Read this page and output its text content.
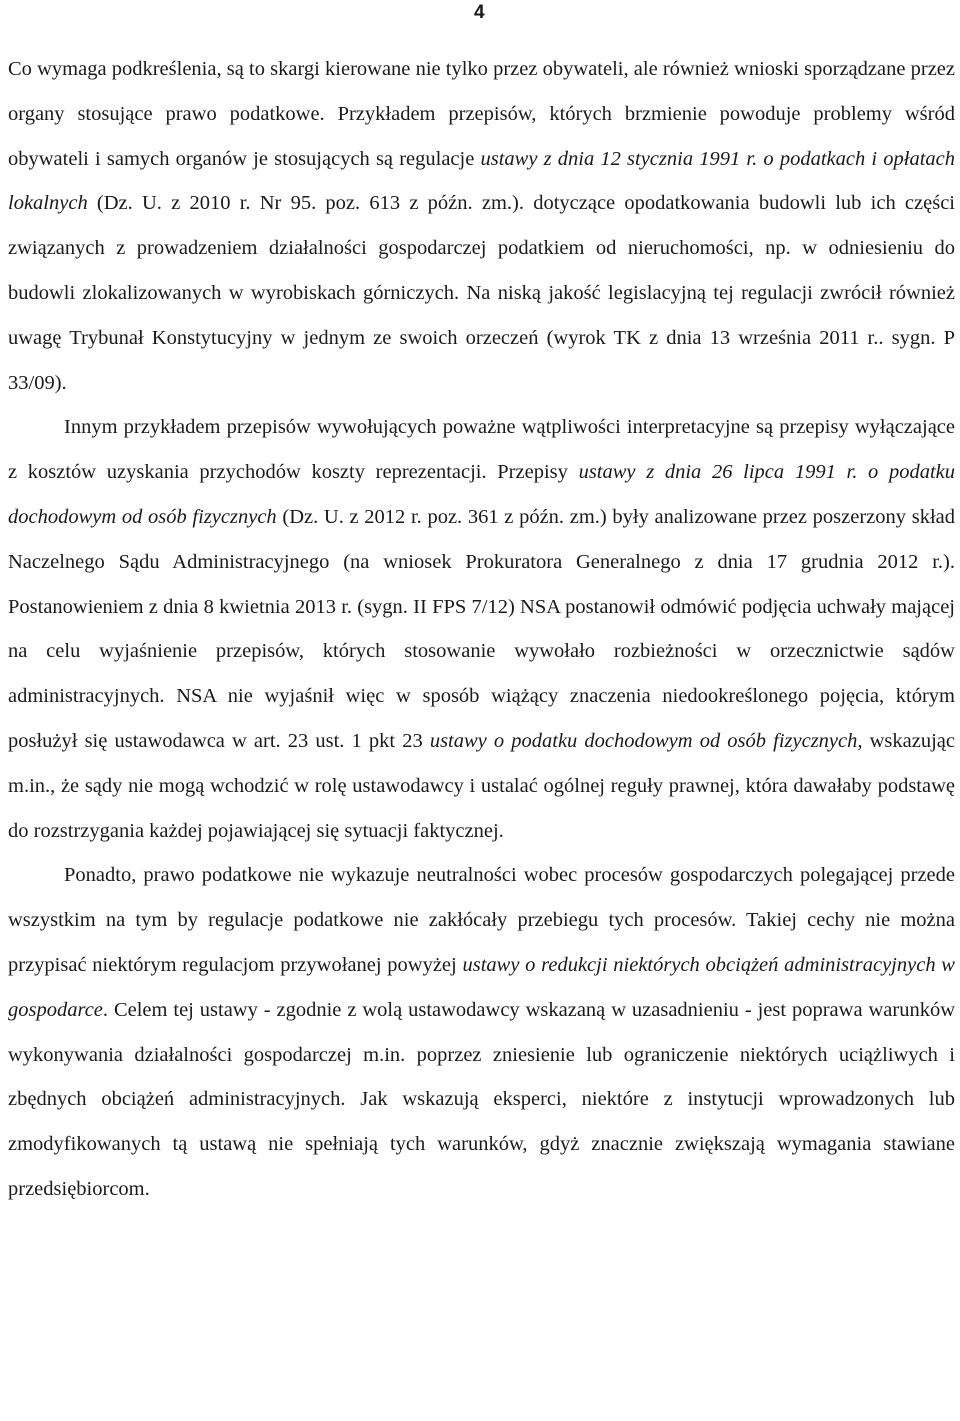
4

Co wymaga podkreślenia, są to skargi kierowane nie tylko przez obywateli, ale również wnioski sporządzane przez organy stosujące prawo podatkowe. Przykładem przepisów, których brzmienie powoduje problemy wśród obywateli i samych organów je stosujących są regulacje ustawy z dnia 12 stycznia 1991 r. o podatkach i opłatach lokalnych (Dz. U. z 2010 r. Nr 95. poz. 613 z późn. zm.). dotyczące opodatkowania budowli lub ich części związanych z prowadzeniem działalności gospodarczej podatkiem od nieruchomości, np. w odniesieniu do budowli zlokalizowanych w wyrobiskach górniczych. Na niską jakość legislacyjną tej regulacji zwrócił również uwagę Trybunał Konstytucyjny w jednym ze swoich orzeczeń (wyrok TK z dnia 13 września 2011 r.. sygn. P 33/09).

Innym przykładem przepisów wywołujących poważne wątpliwości interpretacyjne są przepisy wyłączające z kosztów uzyskania przychodów koszty reprezentacji. Przepisy ustawy z dnia 26 lipca 1991 r. o podatku dochodowym od osób fizycznych (Dz. U. z 2012 r. poz. 361 z późn. zm.) były analizowane przez poszerzony skład Naczelnego Sądu Administracyjnego (na wniosek Prokuratora Generalnego z dnia 17 grudnia 2012 r.). Postanowieniem z dnia 8 kwietnia 2013 r. (sygn. II FPS 7/12) NSA postanowił odmówić podjęcia uchwały mającej na celu wyjaśnienie przepisów, których stosowanie wywołało rozbieżności w orzecznictwie sądów administracyjnych. NSA nie wyjaśnił więc w sposób wiążący znaczenia niedookreślonego pojęcia, którym posłużył się ustawodawca w art. 23 ust. 1 pkt 23 ustawy o podatku dochodowym od osób fizycznych, wskazując m.in., że sądy nie mogą wchodzić w rolę ustawodawcy i ustalać ogólnej reguły prawnej, która dawałaby podstawę do rozstrzygania każdej pojawiającej się sytuacji faktycznej.

Ponadto, prawo podatkowe nie wykazuje neutralności wobec procesów gospodarczych polegającej przede wszystkim na tym by regulacje podatkowe nie zakłócały przebiegu tych procesów. Takiej cechy nie można przypisać niektórym regulacjom przywołanej powyżej ustawy o redukcji niektórych obciążeń administracyjnych w gospodarce. Celem tej ustawy - zgodnie z wolą ustawodawcy wskazaną w uzasadnieniu - jest poprawa warunków wykonywania działalności gospodarczej m.in. poprzez zniesienie lub ograniczenie niektórych uciążliwych i zbędnych obciążeń administracyjnych. Jak wskazują eksperci, niektóre z instytucji wprowadzonych lub zmodyfikowanych tą ustawą nie spełniają tych warunków, gdyż znacznie zwiększają wymagania stawiane przedsiębiorcom.
